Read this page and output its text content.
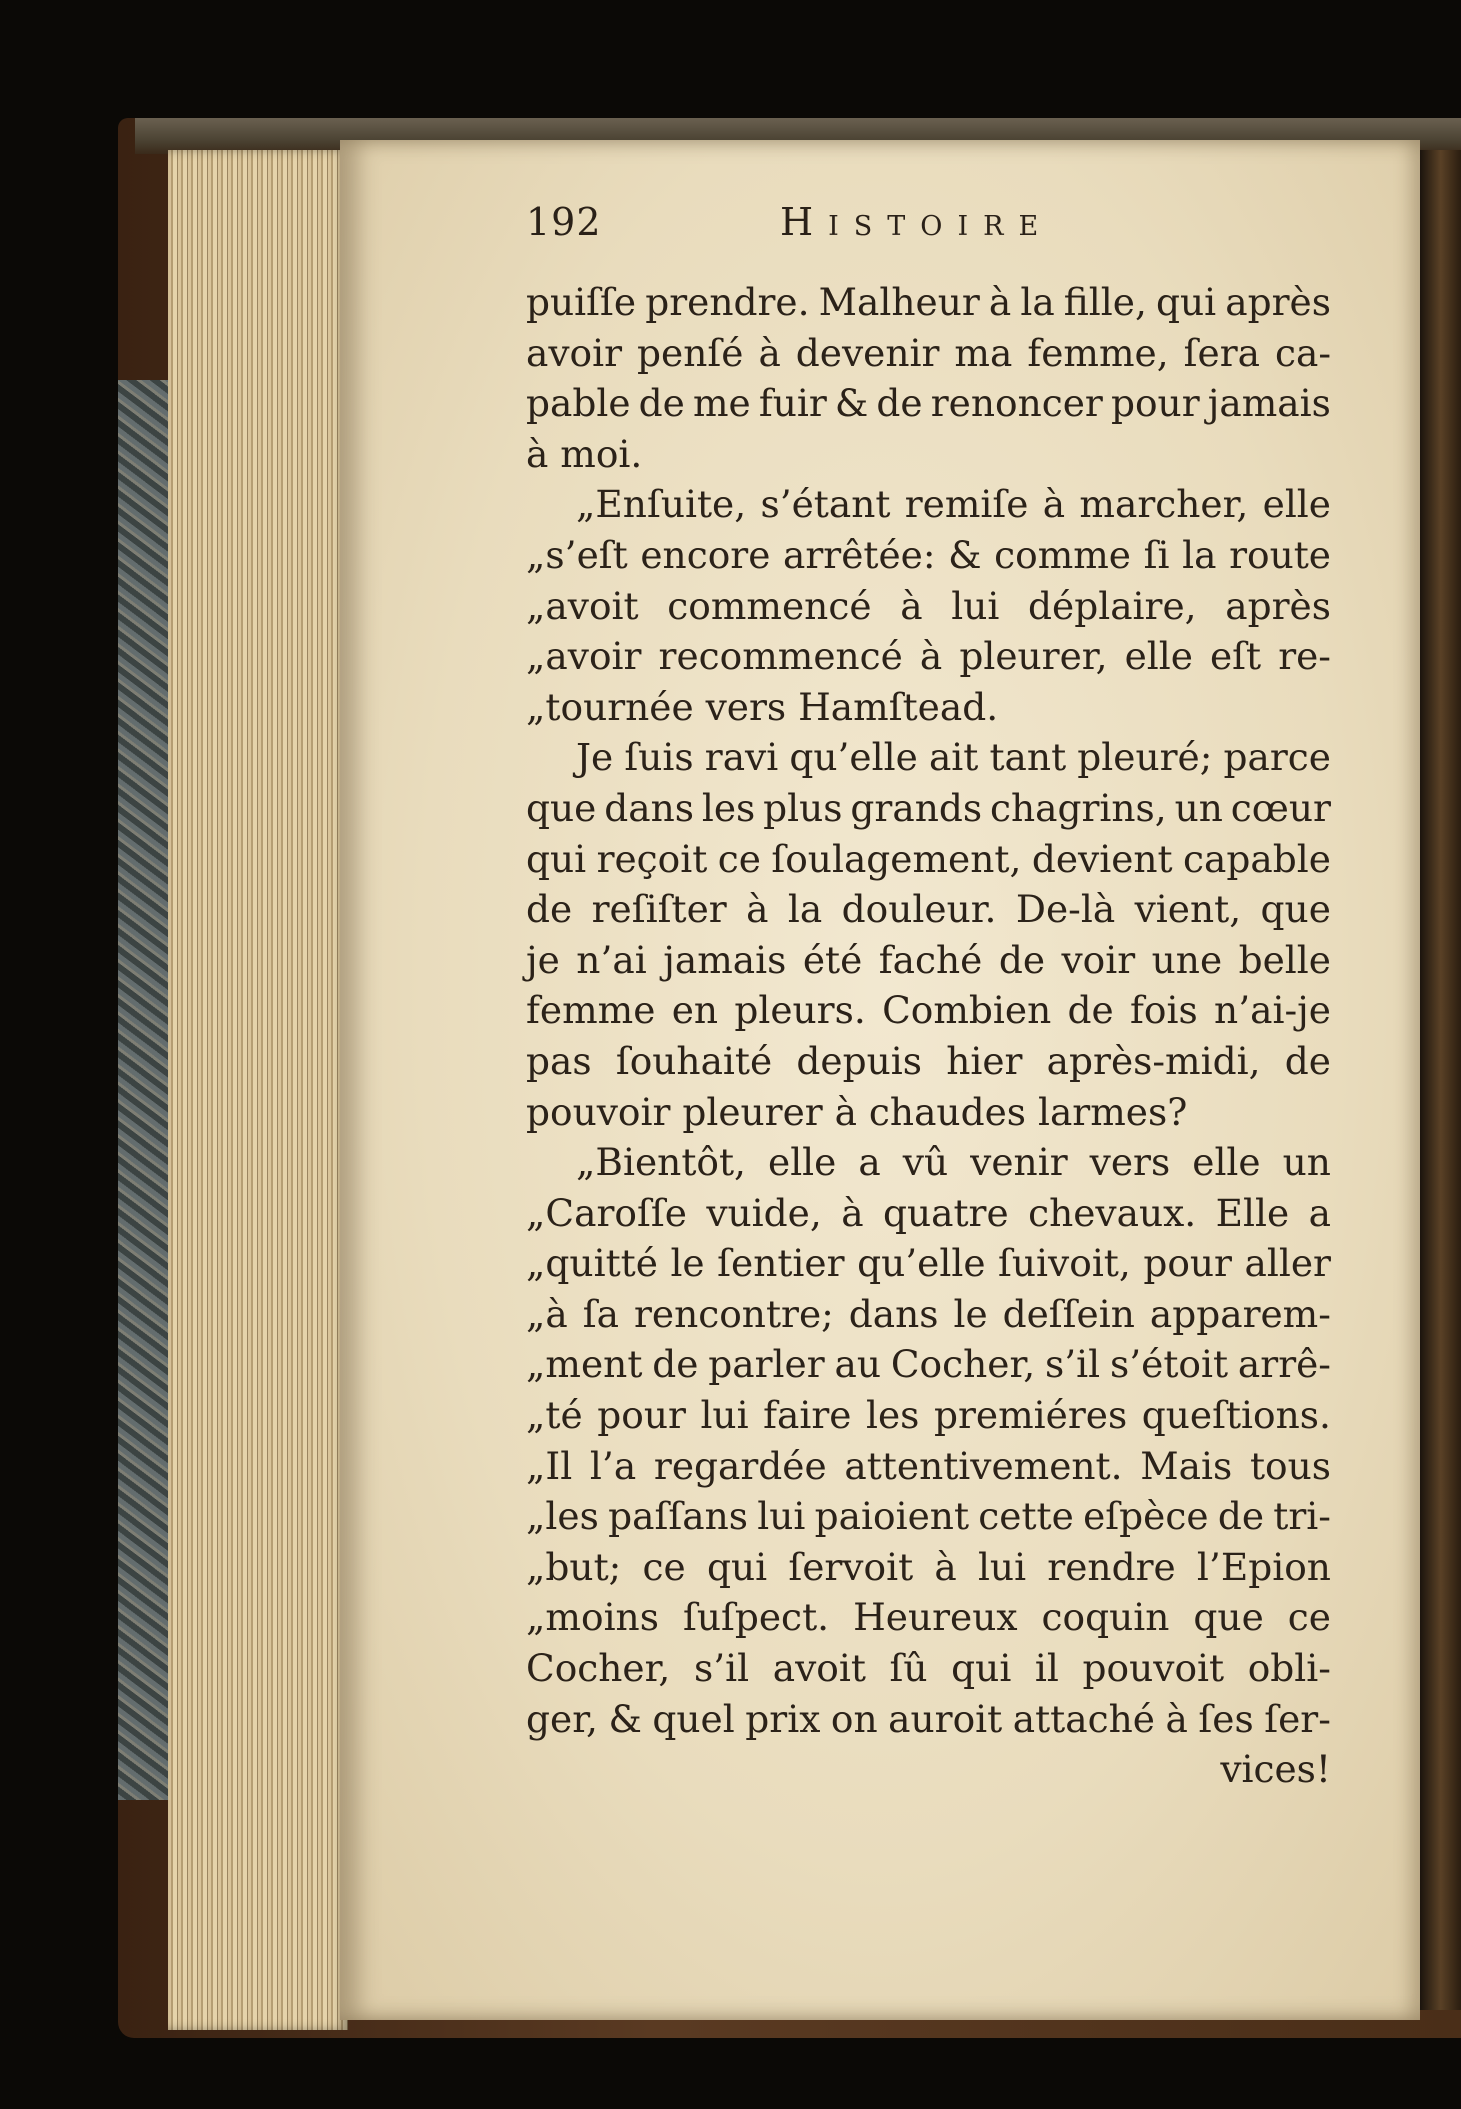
192	Histoire
puiſſe prendre. Malheur à la fille, qui après
avoir penſé à devenir ma femme, ſera ca-
pable de me fuir & de renoncer pour jamais
à moi.
„Enſuite, s’étant remiſe à marcher, elle
„s’eſt encore arrêtée: & comme ſi la route
„avoit commencé à lui déplaire, après
„avoir recommencé à pleurer, elle eſt re-
„tournée vers Hamſtead.
Je ſuis ravi qu’elle ait tant pleuré; parce
que dans les plus grands chagrins, un cœur
qui reçoit ce ſoulagement, devient capable
de reſiſter à la douleur. De-là vient, que
je n’ai jamais été faché de voir une belle
femme en pleurs. Combien de fois n’ai-je
pas ſouhaité depuis hier après-midi, de
pouvoir pleurer à chaudes larmes?
„Bientôt, elle a vû venir vers elle un
„Caroſſe vuide, à quatre chevaux. Elle a
„quitté le ſentier qu’elle ſuivoit, pour aller
„à ſa rencontre; dans le deſſein apparem-
„ment de parler au Cocher, s’il s’étoit arrê-
„té pour lui faire les premiéres queſtions.
„Il l’a regardée attentivement. Mais tous
„les paſſans lui paioient cette eſpèce de tri-
„but; ce qui ſervoit à lui rendre l’Epion
„moins ſuſpect. Heureux coquin que ce
Cocher, s’il avoit ſû qui il pouvoit obli-
ger, & quel prix on auroit attaché à ſes ſer-
vices!
